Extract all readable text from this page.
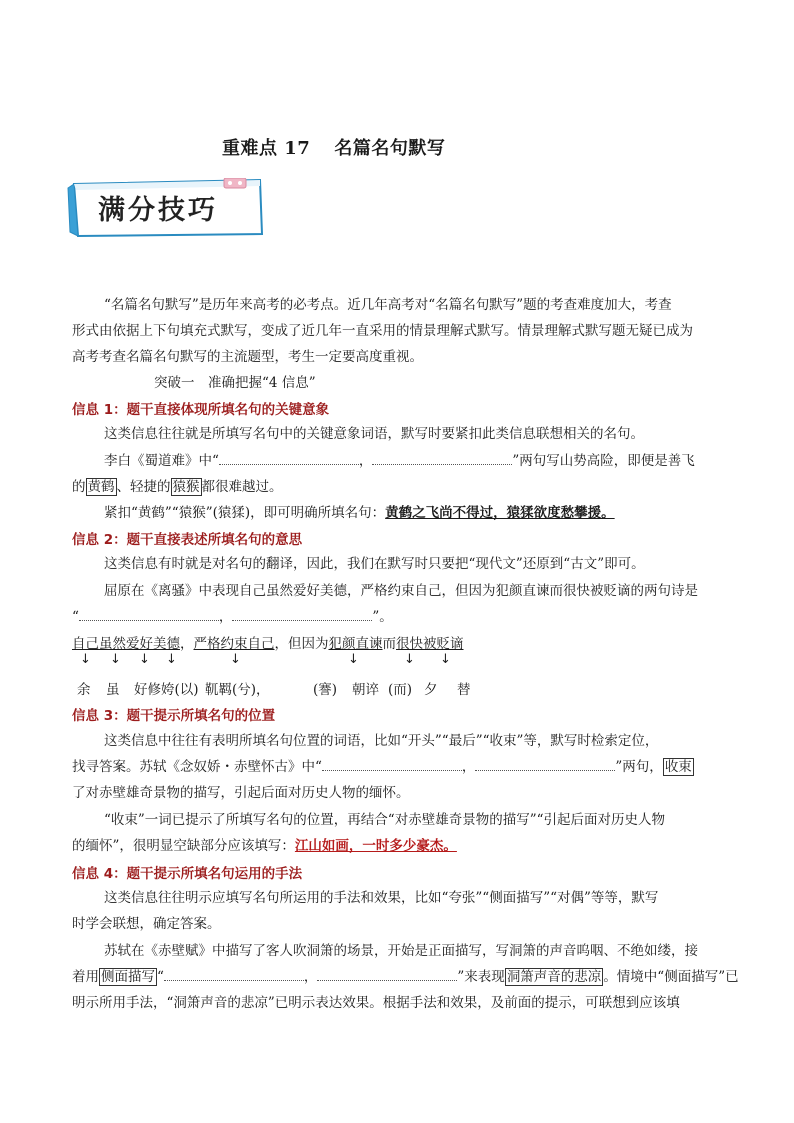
重难点 17 名篇名句默写
满分技巧
“名篇名句默写”是历年来高考的必考点。近几年高考对“名篇名句默写”题的考查难度加大，考查
形式由依据上下句填充式默写，变成了近几年一直采用的情景理解式默写。情景理解式默写题无疑已成为
高考考查名篇名句默写的主流题型，考生一定要高度重视。
突破一　准确把握“4 信息”
信息 1：题干直接体现所填名句的关键意象
这类信息往往就是所填写名句中的关键意象词语，默写时要紧扣此类信息联想相关的名句。
李白《蜀道难》中“	，	”两句写山势高险，即便是善飞
的 黄鹤 、轻捷的 猿猴 都很难越过。
紧扣“黄鹤”“猿猴”(猿猱)，即可明确所填名句：黄鹤之飞尚不得过，猿猱欲度愁攀援。
信息 2：题干直接表述所填名句的意思
这类信息有时就是对名句的翻译，因此，我们在默写时只要把“现代文”还原到“古文”即可。
屈原在《离骚》中表现自己虽然爱好美德，严格约束自己，但因为犯颜直谏而很快被贬谪的两句诗是
“	，	”。
自己虽然爱好美德，严格约束自己，但因为犯颜直谏而很快被贬谪
↓ ↓ ↓ ↓	↓	↓	↓ ↓
余 虽 好修姱(以) 靰羁(兮)，	(謇) 朝谇 (而) 夕 替
信息 3：题干提示所填名句的位置
这类信息中往往有表明所填名句位置的词语，比如“开头”“最后”“收束”等，默写时检索定位，
找寻答案。苏轼《念奴娇・赤壁怀古》中“	，	”两句， 收束
了对赤壁雄奇景物的描写，引起后面对历史人物的缅怀。
“收束”一词已提示了所填写名句的位置，再结合“对赤壁雄奇景物的描写”“引起后面对历史人物
的缅怀”，很明显空缺部分应该填写：江山如画，一时多少豪杰。
信息 4：题干提示所填名句运用的手法
这类信息往往明示应填写名句所运用的手法和效果，比如“夸张”“侧面描写”“对偶”等等，默写
时学会联想，确定答案。
苏轼在《赤壁赋》中描写了客人吹洞箫的场景，开始是正面描写，写洞箫的声音呜咽、不绝如缕，接
着用 侧面描写 “	，	”来表现 洞箫声音的悲凉 。情境中“侧面描写”已
明示所用手法，“洞箫声音的悲凉”已明示表达效果。根据手法和效果，及前面的提示，可联想到应该填
